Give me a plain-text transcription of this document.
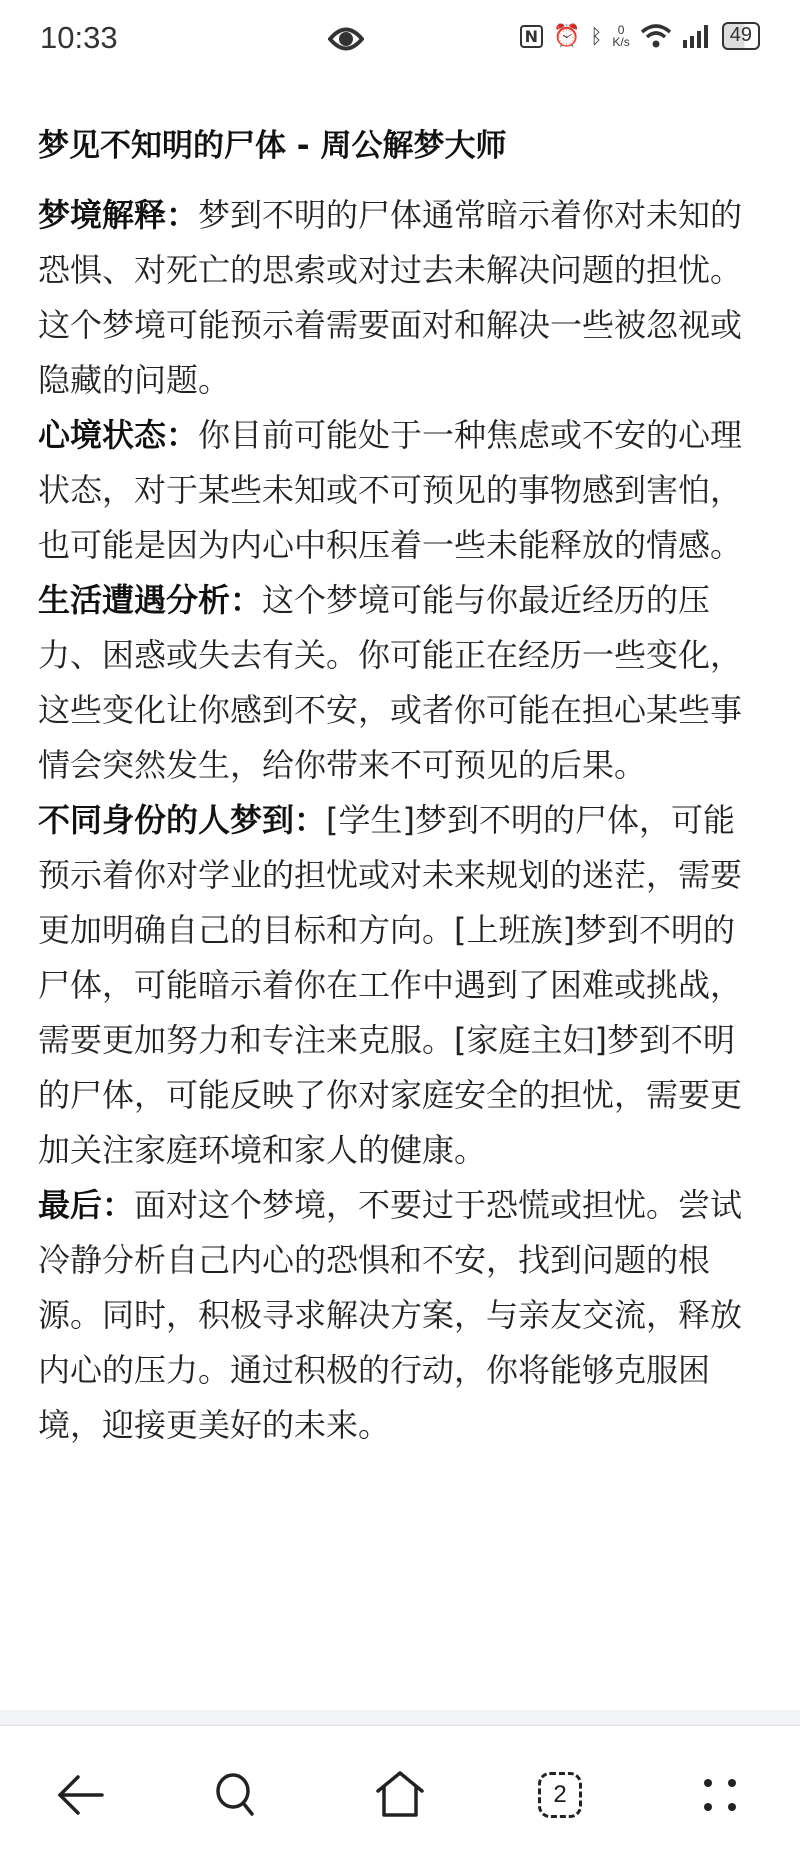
10:33	N ⏰ ᛒ	0
K/s	49
梦见不知明的尸体 - 周公解梦大师

梦境解释：梦到不明的尸体通常暗示着你对未知的恐惧、对死亡的思索或对过去未解决问题的担忧。这个梦境可能预示着需要面对和解决一些被忽视或隐藏的问题。

心境状态：你目前可能处于一种焦虑或不安的心理状态，对于某些未知或不可预见的事物感到害怕，也可能是因为内心中积压着一些未能释放的情感。

生活遭遇分析：这个梦境可能与你最近经历的压力、困惑或失去有关。你可能正在经历一些变化，这些变化让你感到不安，或者你可能在担心某些事情会突然发生，给你带来不可预见的后果。

不同身份的人梦到：[学生]梦到不明的尸体，可能预示着你对学业的担忧或对未来规划的迷茫，需要更加明确自己的目标和方向。[上班族]梦到不明的尸体，可能暗示着你在工作中遇到了困难或挑战，需要更加努力和专注来克服。[家庭主妇]梦到不明的尸体，可能反映了你对家庭安全的担忧，需要更加关注家庭环境和家人的健康。

最后：面对这个梦境，不要过于恐慌或担忧。尝试冷静分析自己内心的恐惧和不安，找到问题的根源。同时，积极寻求解决方案，与亲友交流，释放内心的压力。通过积极的行动，你将能够克服困境，迎接更美好的未来。

2
